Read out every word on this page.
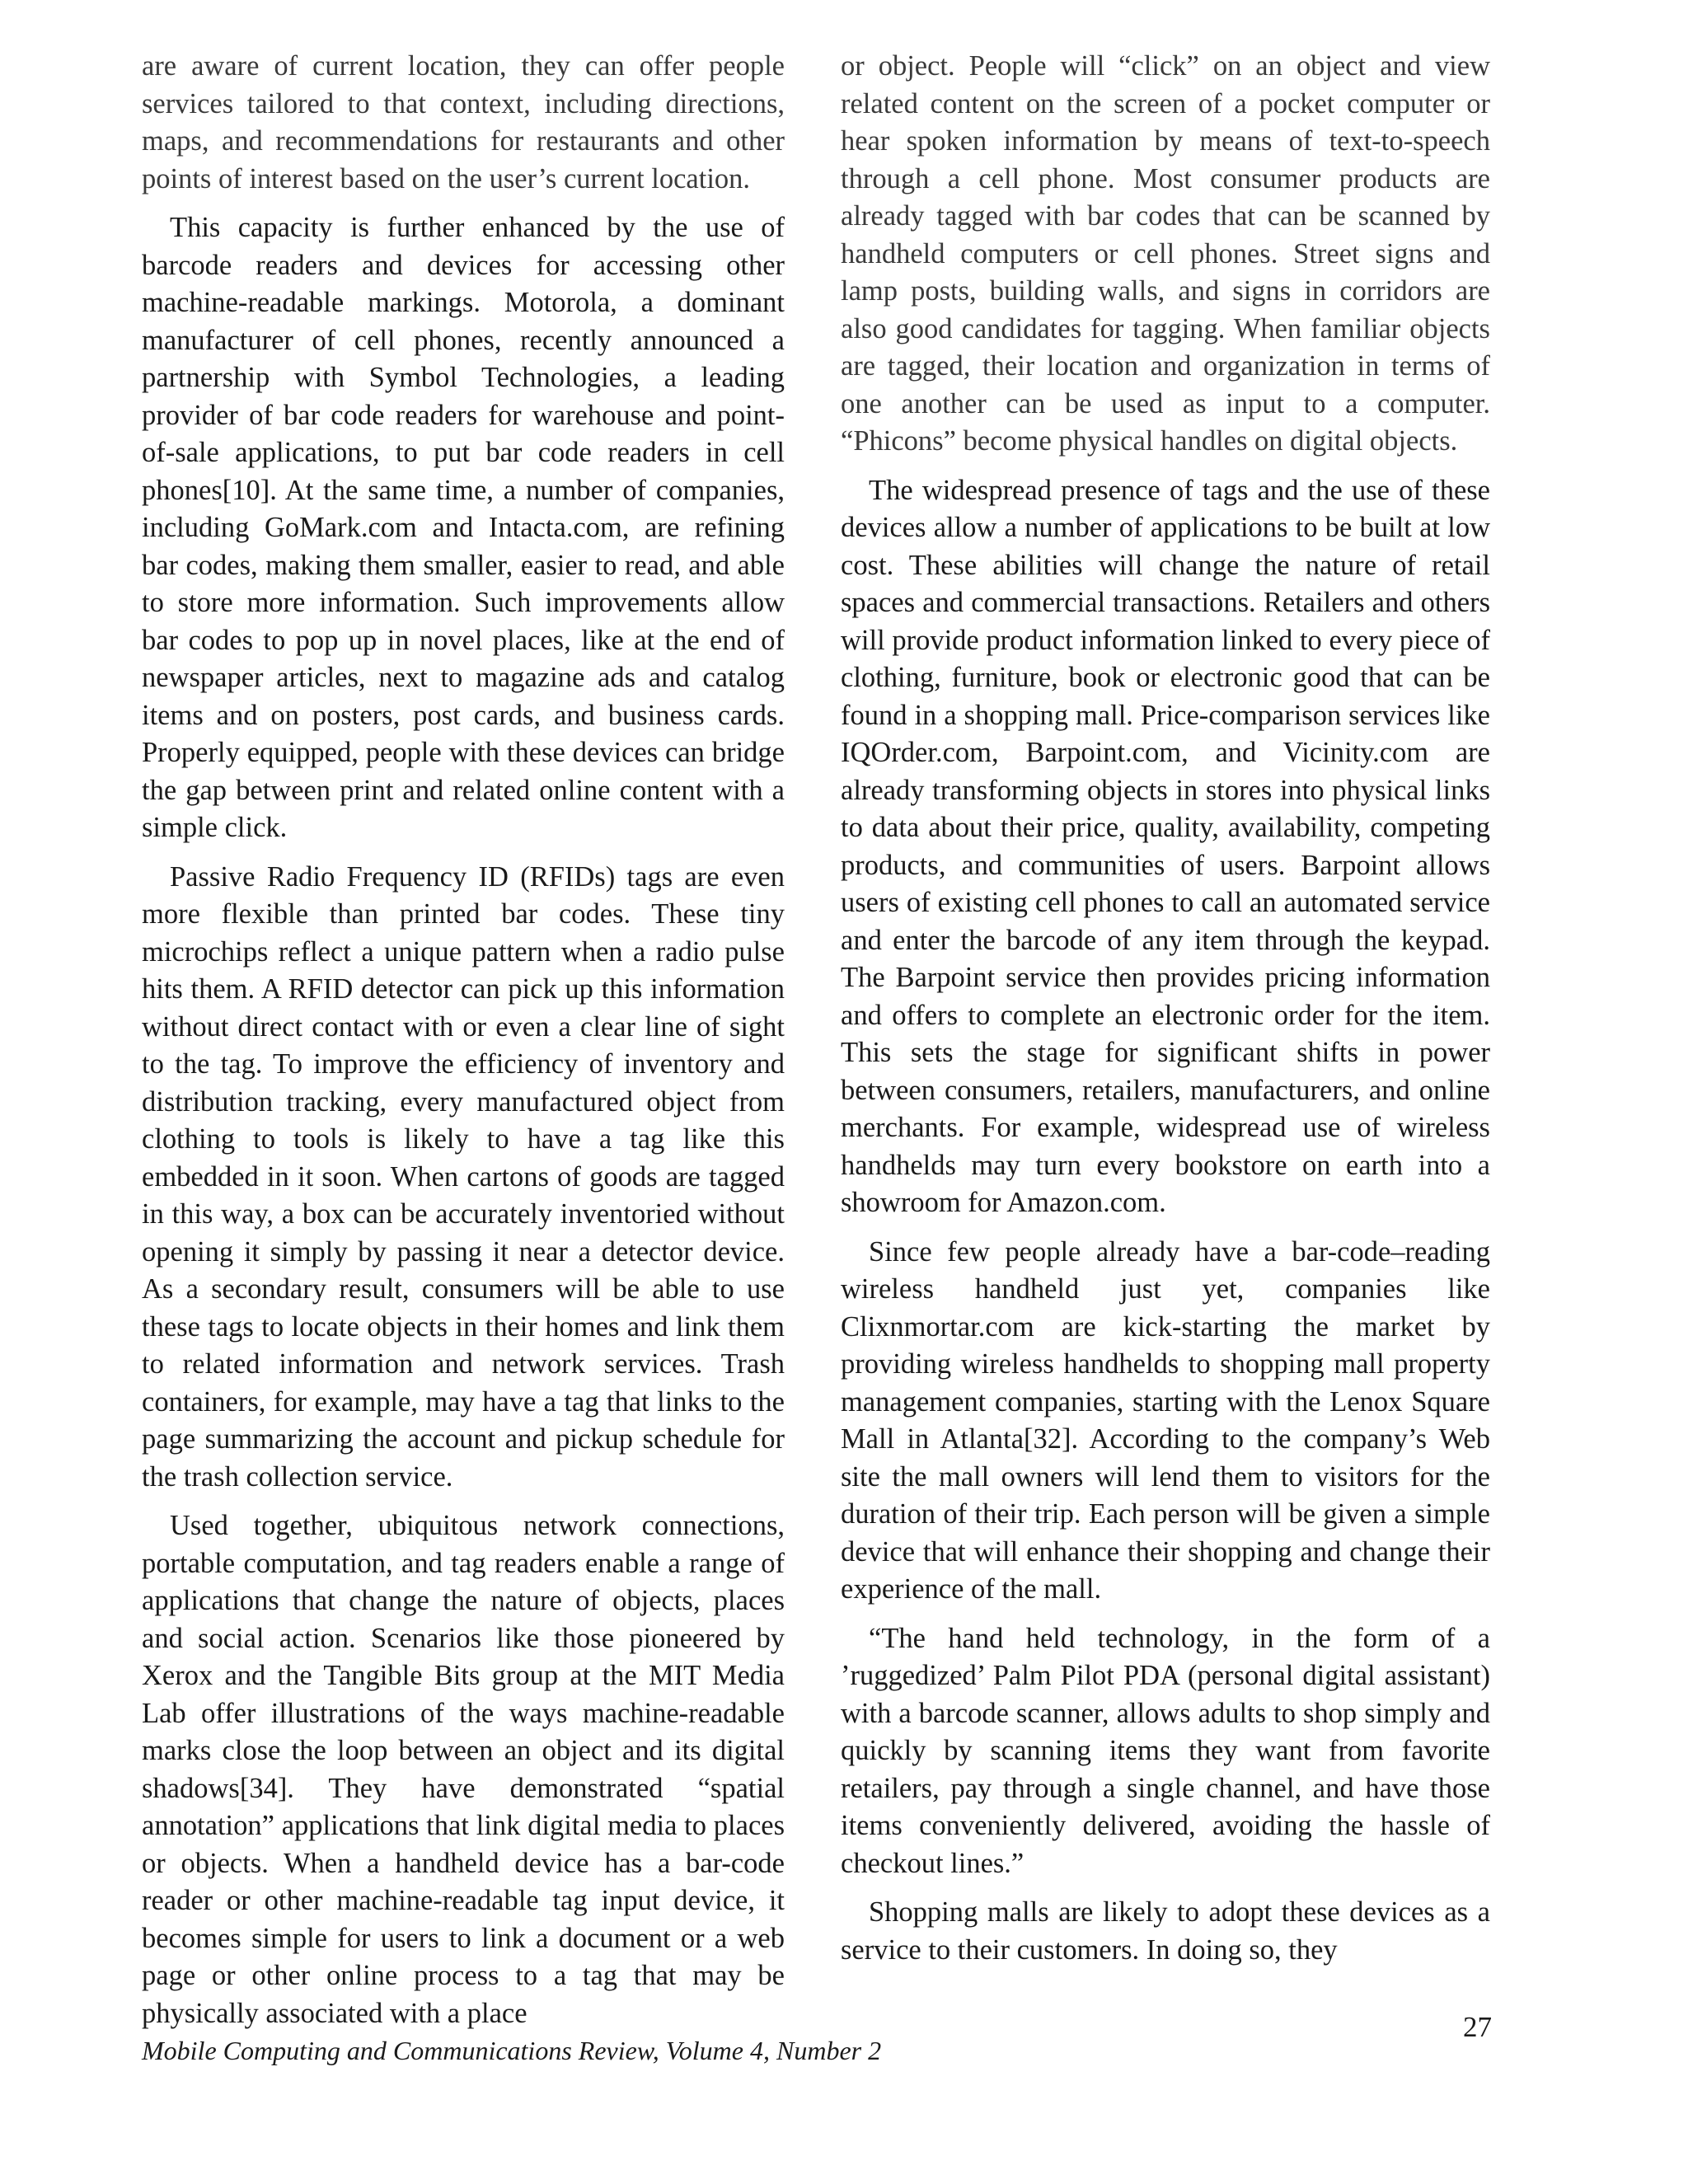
are aware of current location, they can offer people services tailored to that context, including directions, maps, and recommendations for restaurants and other points of interest based on the user’s current location.

This capacity is further enhanced by the use of barcode readers and devices for accessing other machine-readable markings. Motorola, a dominant manufacturer of cell phones, recently announced a partnership with Symbol Technologies, a leading provider of bar code readers for warehouse and point-of-sale applications, to put bar code readers in cell phones[10]. At the same time, a number of companies, including GoMark.com and Intacta.com, are refining bar codes, making them smaller, easier to read, and able to store more information. Such improvements allow bar codes to pop up in novel places, like at the end of newspaper articles, next to magazine ads and catalog items and on posters, post cards, and business cards. Properly equipped, people with these devices can bridge the gap between print and related online content with a simple click.

Passive Radio Frequency ID (RFIDs) tags are even more flexible than printed bar codes. These tiny microchips reflect a unique pattern when a radio pulse hits them. A RFID detector can pick up this information without direct contact with or even a clear line of sight to the tag. To improve the efficiency of inventory and distribution tracking, every manufactured object from clothing to tools is likely to have a tag like this embedded in it soon. When cartons of goods are tagged in this way, a box can be accurately inventoried without opening it simply by passing it near a detector device. As a secondary result, consumers will be able to use these tags to locate objects in their homes and link them to related information and network services. Trash containers, for example, may have a tag that links to the page summarizing the account and pickup schedule for the trash collection service.

Used together, ubiquitous network connections, portable computation, and tag readers enable a range of applications that change the nature of objects, places and social action. Scenarios like those pioneered by Xerox and the Tangible Bits group at the MIT Media Lab offer illustrations of the ways machine-readable marks close the loop between an object and its digital shadows[34]. They have demonstrated “spatial annotation” applications that link digital media to places or objects. When a handheld device has a bar-code reader or other machine-readable tag input device, it becomes simple for users to link a document or a web page or other online process to a tag that may be physically associated with a place

or object. People will “click” on an object and view related content on the screen of a pocket computer or hear spoken information by means of text-to-speech through a cell phone. Most consumer products are already tagged with bar codes that can be scanned by handheld computers or cell phones. Street signs and lamp posts, building walls, and signs in corridors are also good candidates for tagging. When familiar objects are tagged, their location and organization in terms of one another can be used as input to a computer. “Phicons” become physical handles on digital objects.

The widespread presence of tags and the use of these devices allow a number of applications to be built at low cost. These abilities will change the nature of retail spaces and commercial transactions. Retailers and others will provide product information linked to every piece of clothing, furniture, book or electronic good that can be found in a shopping mall. Price-comparison services like IQOrder.com, Barpoint.com, and Vicinity.com are already transforming objects in stores into physical links to data about their price, quality, availability, competing products, and communities of users. Barpoint allows users of existing cell phones to call an automated service and enter the barcode of any item through the keypad. The Barpoint service then provides pricing information and offers to complete an electronic order for the item. This sets the stage for significant shifts in power between consumers, retailers, manufacturers, and online merchants. For example, widespread use of wireless handhelds may turn every bookstore on earth into a showroom for Amazon.com.

Since few people already have a bar-code–reading wireless handheld just yet, companies like Clixnmortar.com are kick-starting the market by providing wireless handhelds to shopping mall property management companies, starting with the Lenox Square Mall in Atlanta[32]. According to the company’s Web site the mall owners will lend them to visitors for the duration of their trip. Each person will be given a simple device that will enhance their shopping and change their experience of the mall.

“The hand held technology, in the form of a ’ruggedized’ Palm Pilot PDA (personal digital assistant) with a barcode scanner, allows adults to shop simply and quickly by scanning items they want from favorite retailers, pay through a single channel, and have those items conveniently delivered, avoiding the hassle of checkout lines.”

Shopping malls are likely to adopt these devices as a service to their customers. In doing so, they

Mobile Computing and Communications Review, Volume 4, Number 2
27
